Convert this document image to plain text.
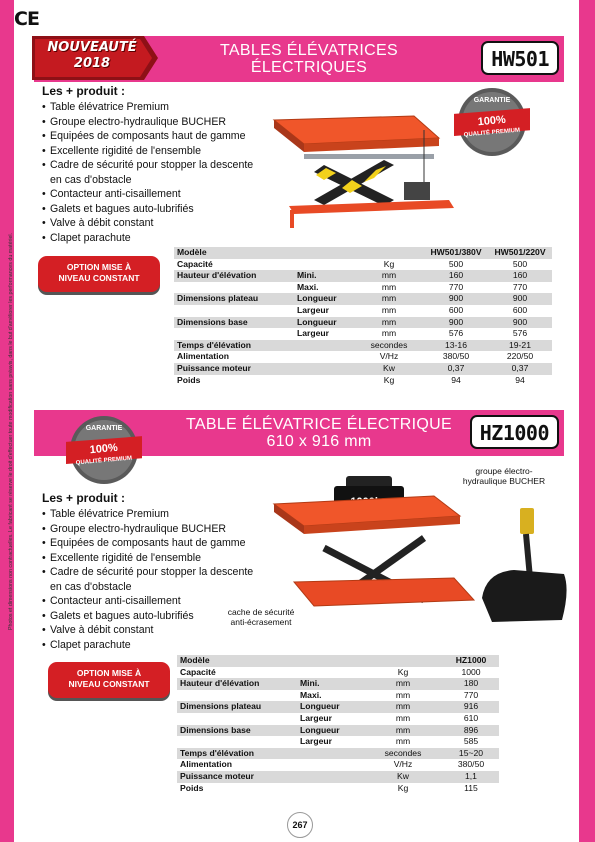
CE
Photos et dimensions non contractuelles. Le fabricant se réserve le droit d'effectuer toute modification sans préavis, dans le but d'améliorer les performances du matériel.
TABLES ÉLÉVATRICES
ÉLECTRIQUES	HW501
NOUVEAUTÉ
2018
Les + produit :
• Table élévatrice Premium
• Groupe electro-hydraulique BUCHER
• Equipées de composants haut de gamme
• Excellente rigidité de l'ensemble
• Cadre de sécurité pour stopper la descente
en cas d'obstacle
• Contacteur anti-cisaillement
• Galets et bagues auto-lubrifiés
• Valve à débit constant
• Clapet parachute
GARANTIE
100%
QUALITÉ PREMIUM
OPTION MISE À
NIVEAU CONSTANT
Modèle			HW501/380V	HW501/220V
Capacité		Kg	500	500
Hauteur d'élévation	Mini.	mm	160	160
	Maxi.	mm	770	770
Dimensions plateau	Longueur	mm	900	900
	Largeur	mm	600	600
Dimensions base	Longueur	mm	900	900
	Largeur	mm	576	576
Temps d'élévation		secondes	13-16	19-21
Alimentation		V/Hz	380/50	220/50
Puissance moteur		Kw	0,37	0,37
Poids		Kg	94	94
TABLE ÉLÉVATRICE ÉLECTRIQUE
610 x 916 mm	HZ1000
GARANTIE
100%
QUALITÉ PREMIUM
Les + produit :
• Table élévatrice Premium
• Groupe electro-hydraulique BUCHER
• Equipées de composants haut de gamme
• Excellente rigidité de l'ensemble
• Cadre de sécurité pour stopper la descente
en cas d'obstacle
• Contacteur anti-cisaillement
• Galets et bagues auto-lubrifiés
• Valve à débit constant
• Clapet parachute
groupe électro-hydraulique BUCHER
cache de sécurité
anti-écrasement
OPTION MISE À
NIVEAU CONSTANT
Modèle			HZ1000
Capacité		Kg	1000
Hauteur d'élévation	Mini.	mm	180
	Maxi.	mm	770
Dimensions plateau	Longueur	mm	916
	Largeur	mm	610
Dimensions base	Longueur	mm	896
	Largeur	mm	585
Temps d'élévation		secondes	15~20
Alimentation		V/Hz	380/50
Puissance moteur		Kw	1,1
Poids		Kg	115
267
